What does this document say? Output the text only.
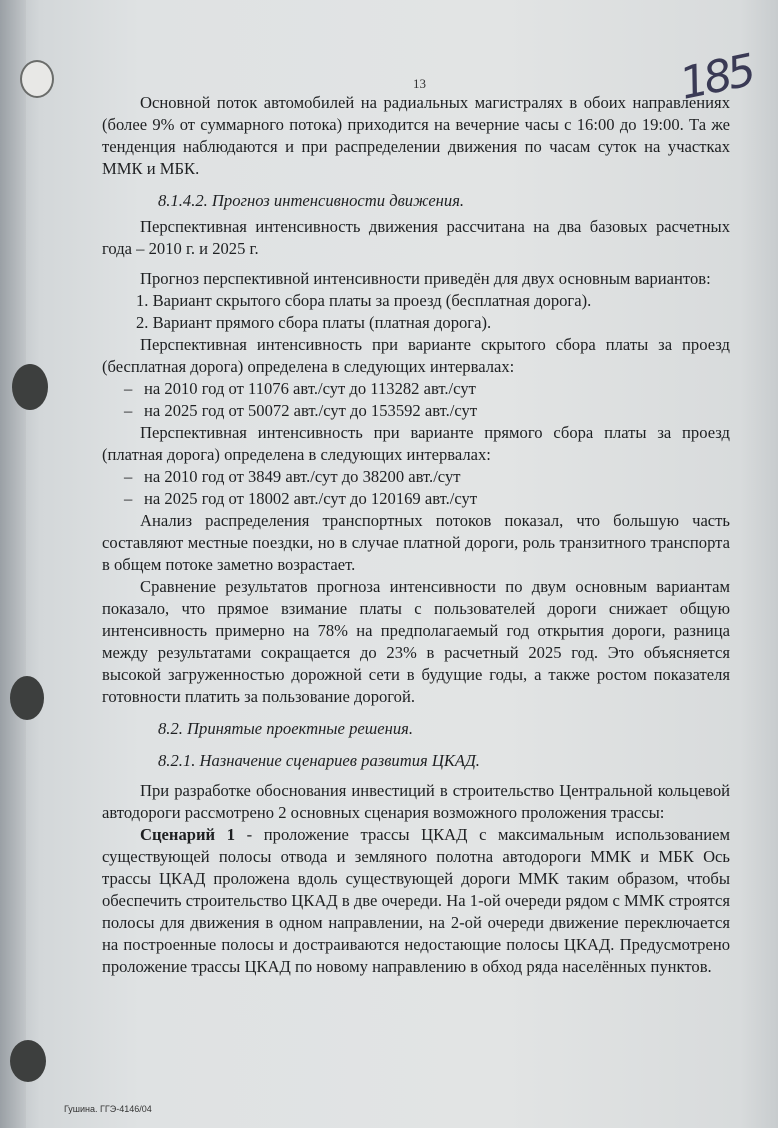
13	185

Основной поток автомобилей на радиальных магистралях в обоих направлениях (более 9% от суммарного потока) приходится на вечерние часы с 16:00 до 19:00. Та же тенденция наблюдаются и при распределении движения по часам суток на участках ММК и МБК.

8.1.4.2. Прогноз интенсивности движения.

Перспективная интенсивность движения рассчитана на два базовых расчетных года – 2010 г. и 2025 г.

Прогноз перспективной интенсивности приведён для двух основным вариантов:

1. Вариант скрытого сбора платы за проезд (бесплатная дорога).
2. Вариант прямого сбора платы (платная дорога).

Перспективная интенсивность при варианте скрытого сбора платы за проезд (бесплатная дорога) определена в следующих интервалах:

– на 2010 год от 11076 авт./сут до 113282 авт./сут
– на 2025 год от 50072 авт./сут до 153592 авт./сут

Перспективная интенсивность при варианте прямого сбора платы за проезд (платная дорога) определена в следующих интервалах:

– на 2010 год от 3849 авт./сут до 38200 авт./сут
– на 2025 год от 18002 авт./сут до 120169 авт./сут

Анализ распределения транспортных потоков показал, что большую часть составляют местные поездки, но в случае платной дороги, роль транзитного транспорта в общем потоке заметно возрастает.

Сравнение результатов прогноза интенсивности по двум основным вариантам показало, что прямое взимание платы с пользователей дороги снижает общую интенсивность примерно на 78% на предполагаемый год открытия дороги, разница между результатами сокращается до 23% в расчетный 2025 год. Это объясняется высокой загруженностью дорожной сети в будущие годы, а также ростом показателя готовности платить за пользование дорогой.

8.2. Принятые проектные решения.

8.2.1. Назначение сценариев развития ЦКАД.

При разработке обоснования инвестиций в строительство Центральной кольцевой автодороги рассмотрено 2 основных сценария возможного проложения трассы:

Сценарий 1 - проложение трассы ЦКАД с максимальным использованием существующей полосы отвода и земляного полотна автодороги ММК и МБК Ось трассы ЦКАД проложена вдоль существующей дороги ММК таким образом, чтобы обеспечить строительство ЦКАД в две очереди. На 1-ой очереди рядом с ММК строятся полосы для движения в одном направлении, на 2-ой очереди движение переключается на построенные полосы и достраиваются недостающие полосы ЦКАД. Предусмотрено проложение трассы ЦКАД по новому направлению в обход ряда населённых пунктов.

Гушина. ГГЭ-4146/04
